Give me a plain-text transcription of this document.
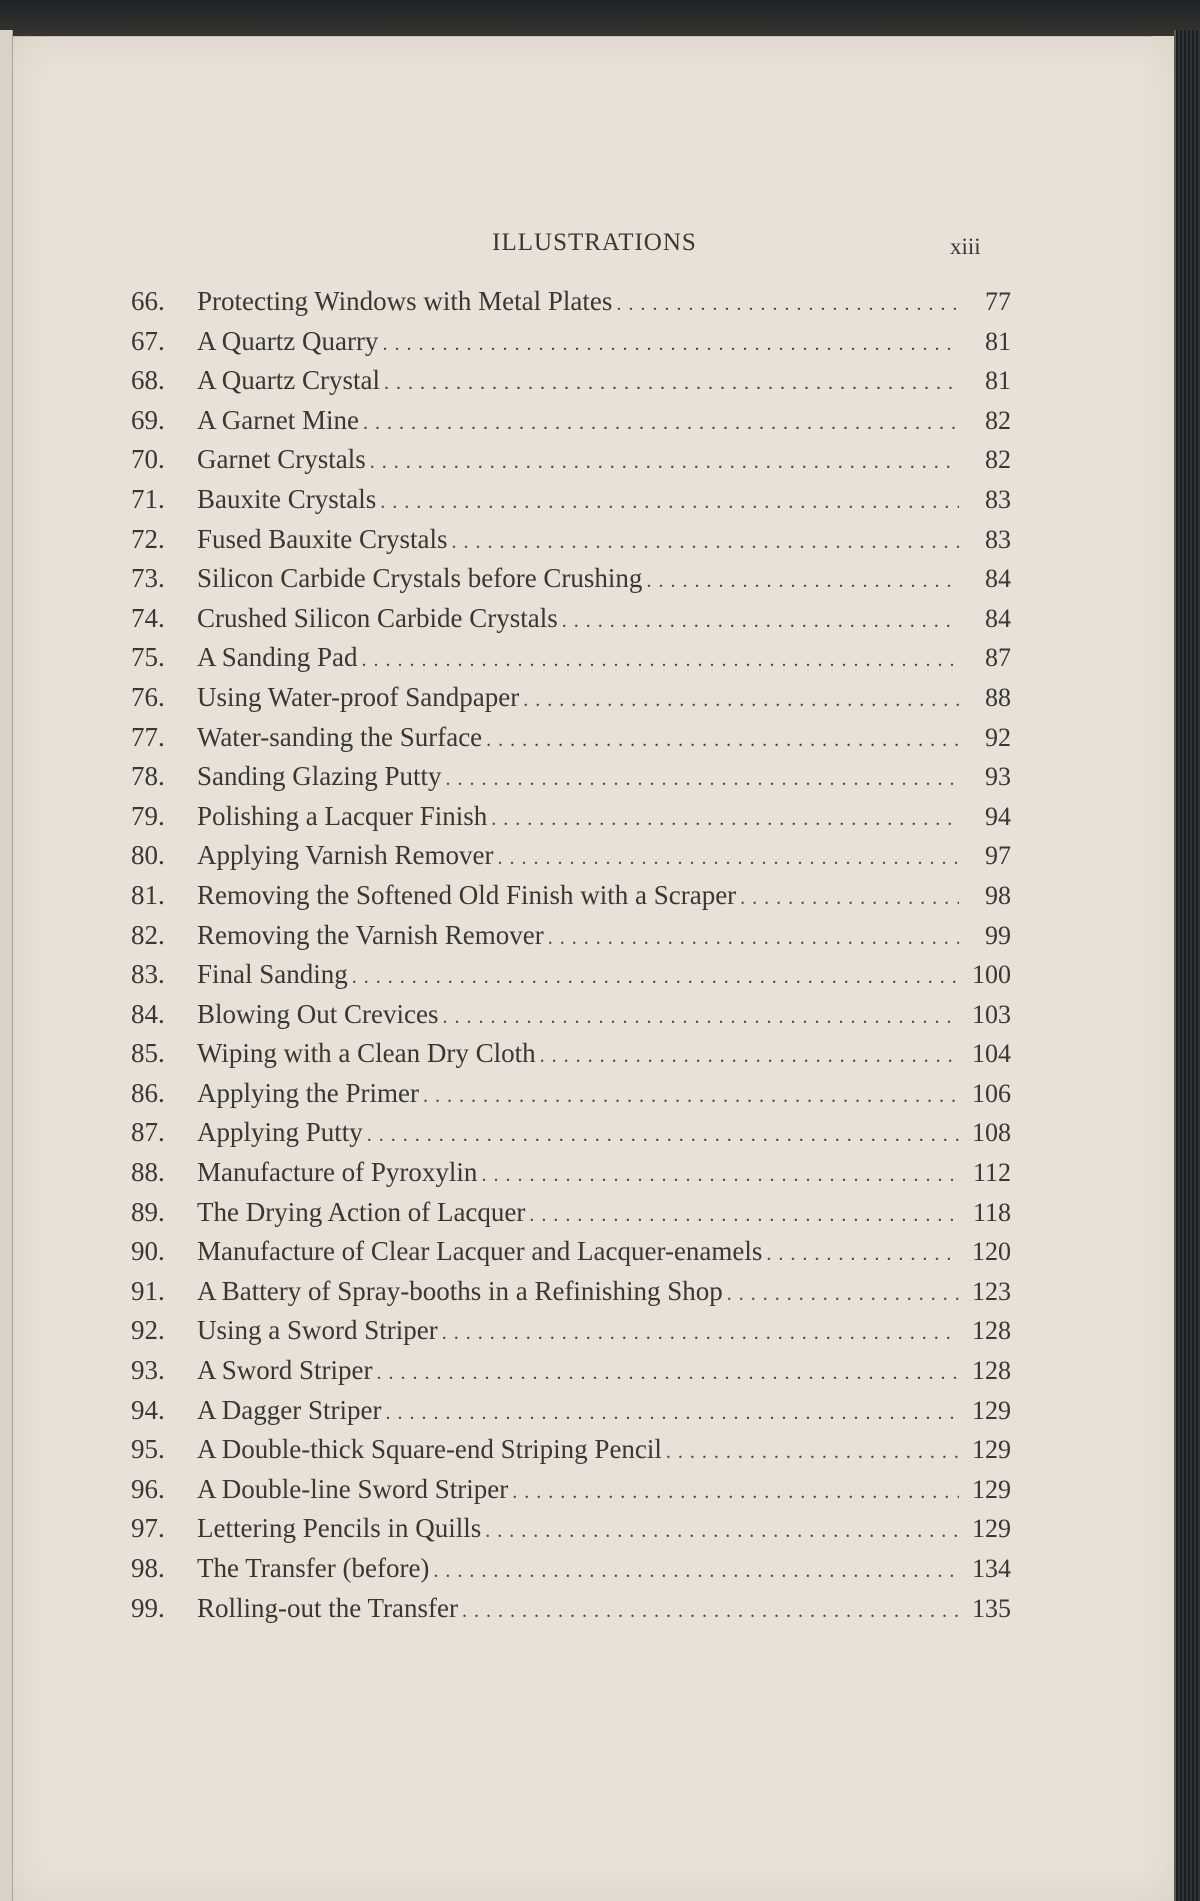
ILLUSTRATIONS	xiii
66.	Protecting Windows with Metal Plates . . .	77
67.	A Quartz Quarry . . .	81
68.	A Quartz Crystal . . .	81
69.	A Garnet Mine . . .	82
70.	Garnet Crystals . . .	82
71.	Bauxite Crystals . . .	83
72.	Fused Bauxite Crystals . . .	83
73.	Silicon Carbide Crystals before Crushing . . .	84
74.	Crushed Silicon Carbide Crystals . . .	84
75.	A Sanding Pad . . .	87
76.	Using Water-proof Sandpaper . . .	88
77.	Water-sanding the Surface . . .	92
78.	Sanding Glazing Putty . . .	93
79.	Polishing a Lacquer Finish . . .	94
80.	Applying Varnish Remover . . .	97
81.	Removing the Softened Old Finish with a Scraper . . .	98
82.	Removing the Varnish Remover . . .	99
83.	Final Sanding . . .	100
84.	Blowing Out Crevices . . .	103
85.	Wiping with a Clean Dry Cloth . . .	104
86.	Applying the Primer . . .	106
87.	Applying Putty . . .	108
88.	Manufacture of Pyroxylin . . .	112
89.	The Drying Action of Lacquer . . .	118
90.	Manufacture of Clear Lacquer and Lacquer-enamels . . .	120
91.	A Battery of Spray-booths in a Refinishing Shop . . .	123
92.	Using a Sword Striper . . .	128
93.	A Sword Striper . . .	128
94.	A Dagger Striper . . .	129
95.	A Double-thick Square-end Striping Pencil . . .	129
96.	A Double-line Sword Striper . . .	129
97.	Lettering Pencils in Quills . . .	129
98.	The Transfer (before) . . .	134
99.	Rolling-out the Transfer . . .	135
